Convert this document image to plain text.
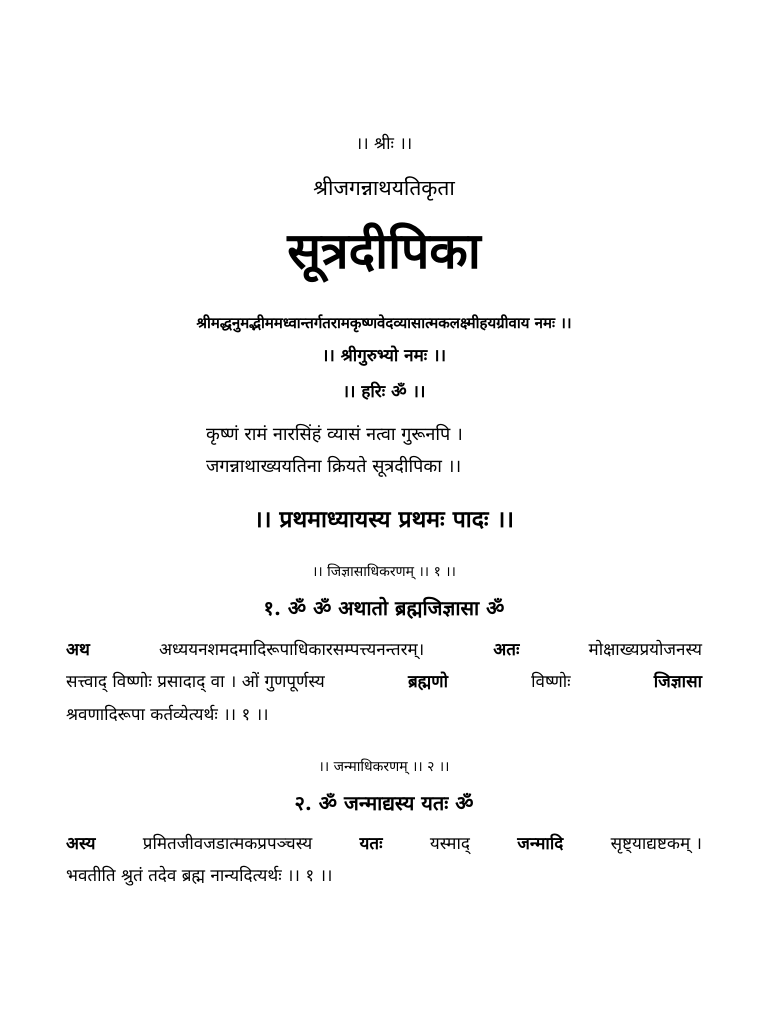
।। श्रीः ।।
श्रीजगन्नाथयतिकृता
सूत्रदीपिका
श्रीमद्धनुमद्भीममध्वान्तर्गतरामकृष्णवेदव्यासात्मकलक्ष्मीहयग्रीवाय नमः ।।
।। श्रीगुरुभ्यो नमः ।।
।। हरिः ॐ ।।
कृष्णं रामं नारसिंहं व्यासं नत्वा गुरूनपि ।
जगन्नाथाख्ययतिना क्रियते सूत्रदीपिका ।।
।। प्रथमाध्यायस्य प्रथमः पादः ।।
।। जिज्ञासाधिकरणम् ।। १ ।।
१. ॐ ॐ अथातो ब्रह्मजिज्ञासा ॐ
अथ	अध्ययनशमदमादिरूपाधिकारसम्पत्त्यनन्तरम्।	अतः	मोक्षाख्यप्रयोजनस्य
सत्त्वाद् विष्णोः प्रसादाद् वा । ओं गुणपूर्णस्य	ब्रह्मणो	विष्णोः	जिज्ञासा
श्रवणादिरूपा कर्तव्येत्यर्थः ।। १ ।।
।। जन्माधिकरणम् ।। २ ।।
२. ॐ जन्माद्यस्य यतः ॐ
अस्य	प्रमितजीवजडात्मकप्रपञ्चस्य	यतः	यस्माद्	जन्मादि	सृष्ट्याद्यष्टकम् ।
भवतीति श्रुतं तदेव ब्रह्म नान्यदित्यर्थः ।। १ ।।
